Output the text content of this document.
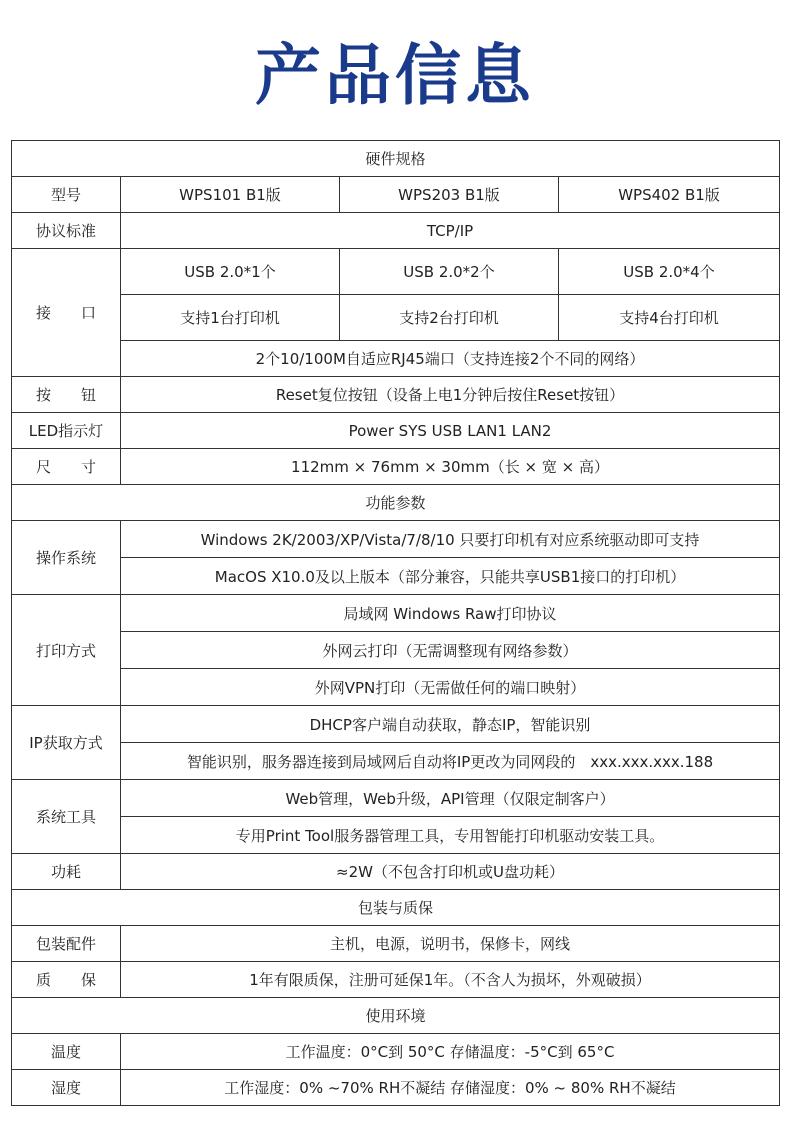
产品信息
硬件规格			
型号	WPS101 B1版	WPS203 B1版	WPS402 B1版
协议标准	TCP/IP		
接　　口	USB 2.0*1个	USB 2.0*2个	USB 2.0*4个
	支持1台打印机	支持2台打印机	支持4台打印机
	2个10/100M自适应RJ45端口（支持连接2个不同的网络）		
按　　钮	Reset复位按钮（设备上电1分钟后按住Reset按钮）		
LED指示灯	Power SYS USB LAN1 LAN2		
尺　　寸	112mm × 76mm × 30mm（长 × 宽 × 高）		
功能参数			
操作系统	Windows 2K/2003/XP/Vista/7/8/10 只要打印机有对应系统驱动即可支持		
	MacOS X10.0及以上版本（部分兼容，只能共享USB1接口的打印机）		
打印方式	局域网 Windows Raw打印协议		
	外网云打印（无需调整现有网络参数）		
	外网VPN打印（无需做任何的端口映射）		
IP获取方式	DHCP客户端自动获取，静态IP，智能识别		
	智能识别，服务器连接到局域网后自动将IP更改为同网段的　xxx.xxx.xxx.188		
系统工具	Web管理，Web升级，API管理（仅限定制客户）		
	专用Print Tool服务器管理工具，专用智能打印机驱动安装工具。		
功耗	≈2W（不包含打印机或U盘功耗）		
包装与质保			
包装配件	主机，电源，说明书，保修卡，网线		
质　　保	1年有限质保，注册可延保1年。（不含人为损坏，外观破损）		
使用环境			
温度	工作温度：0°C到 50°C 存储温度：-5°C到 65°C		
湿度	工作湿度：0% ~70% RH不凝结 存储湿度：0% ~ 80% RH不凝结		
